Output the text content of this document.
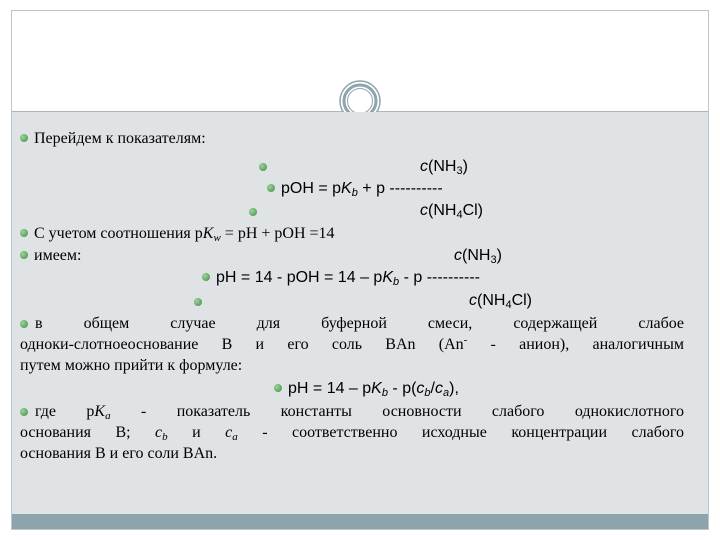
Перейдем к показателям:
$c(NH_3)$
pOH = $pK_b + p$ ----------
$c(NH_4Cl)$
С учетом соотношения $pK_w$ = pH + pOH =14
имеем:	$c(NH_3)$
pH = 14 - pOH = $14 - pK_b$ - p ----------
$c(NH_4Cl)$
в общем случае для буферной смеси, содержащей слабое
одноки-слотноеоснование В и его соль BAn (An- - анион), аналогичным
путем можно прийти к формуле:
pH = $14 - pK_b - p(c_b/c_a)$,
где $pK_a$ - показатель константы основности слабого однокислотного
основания В; $c_b$ и $c_a$ - соответственно исходные концентрации слабого
основания В и его соли BAn.
